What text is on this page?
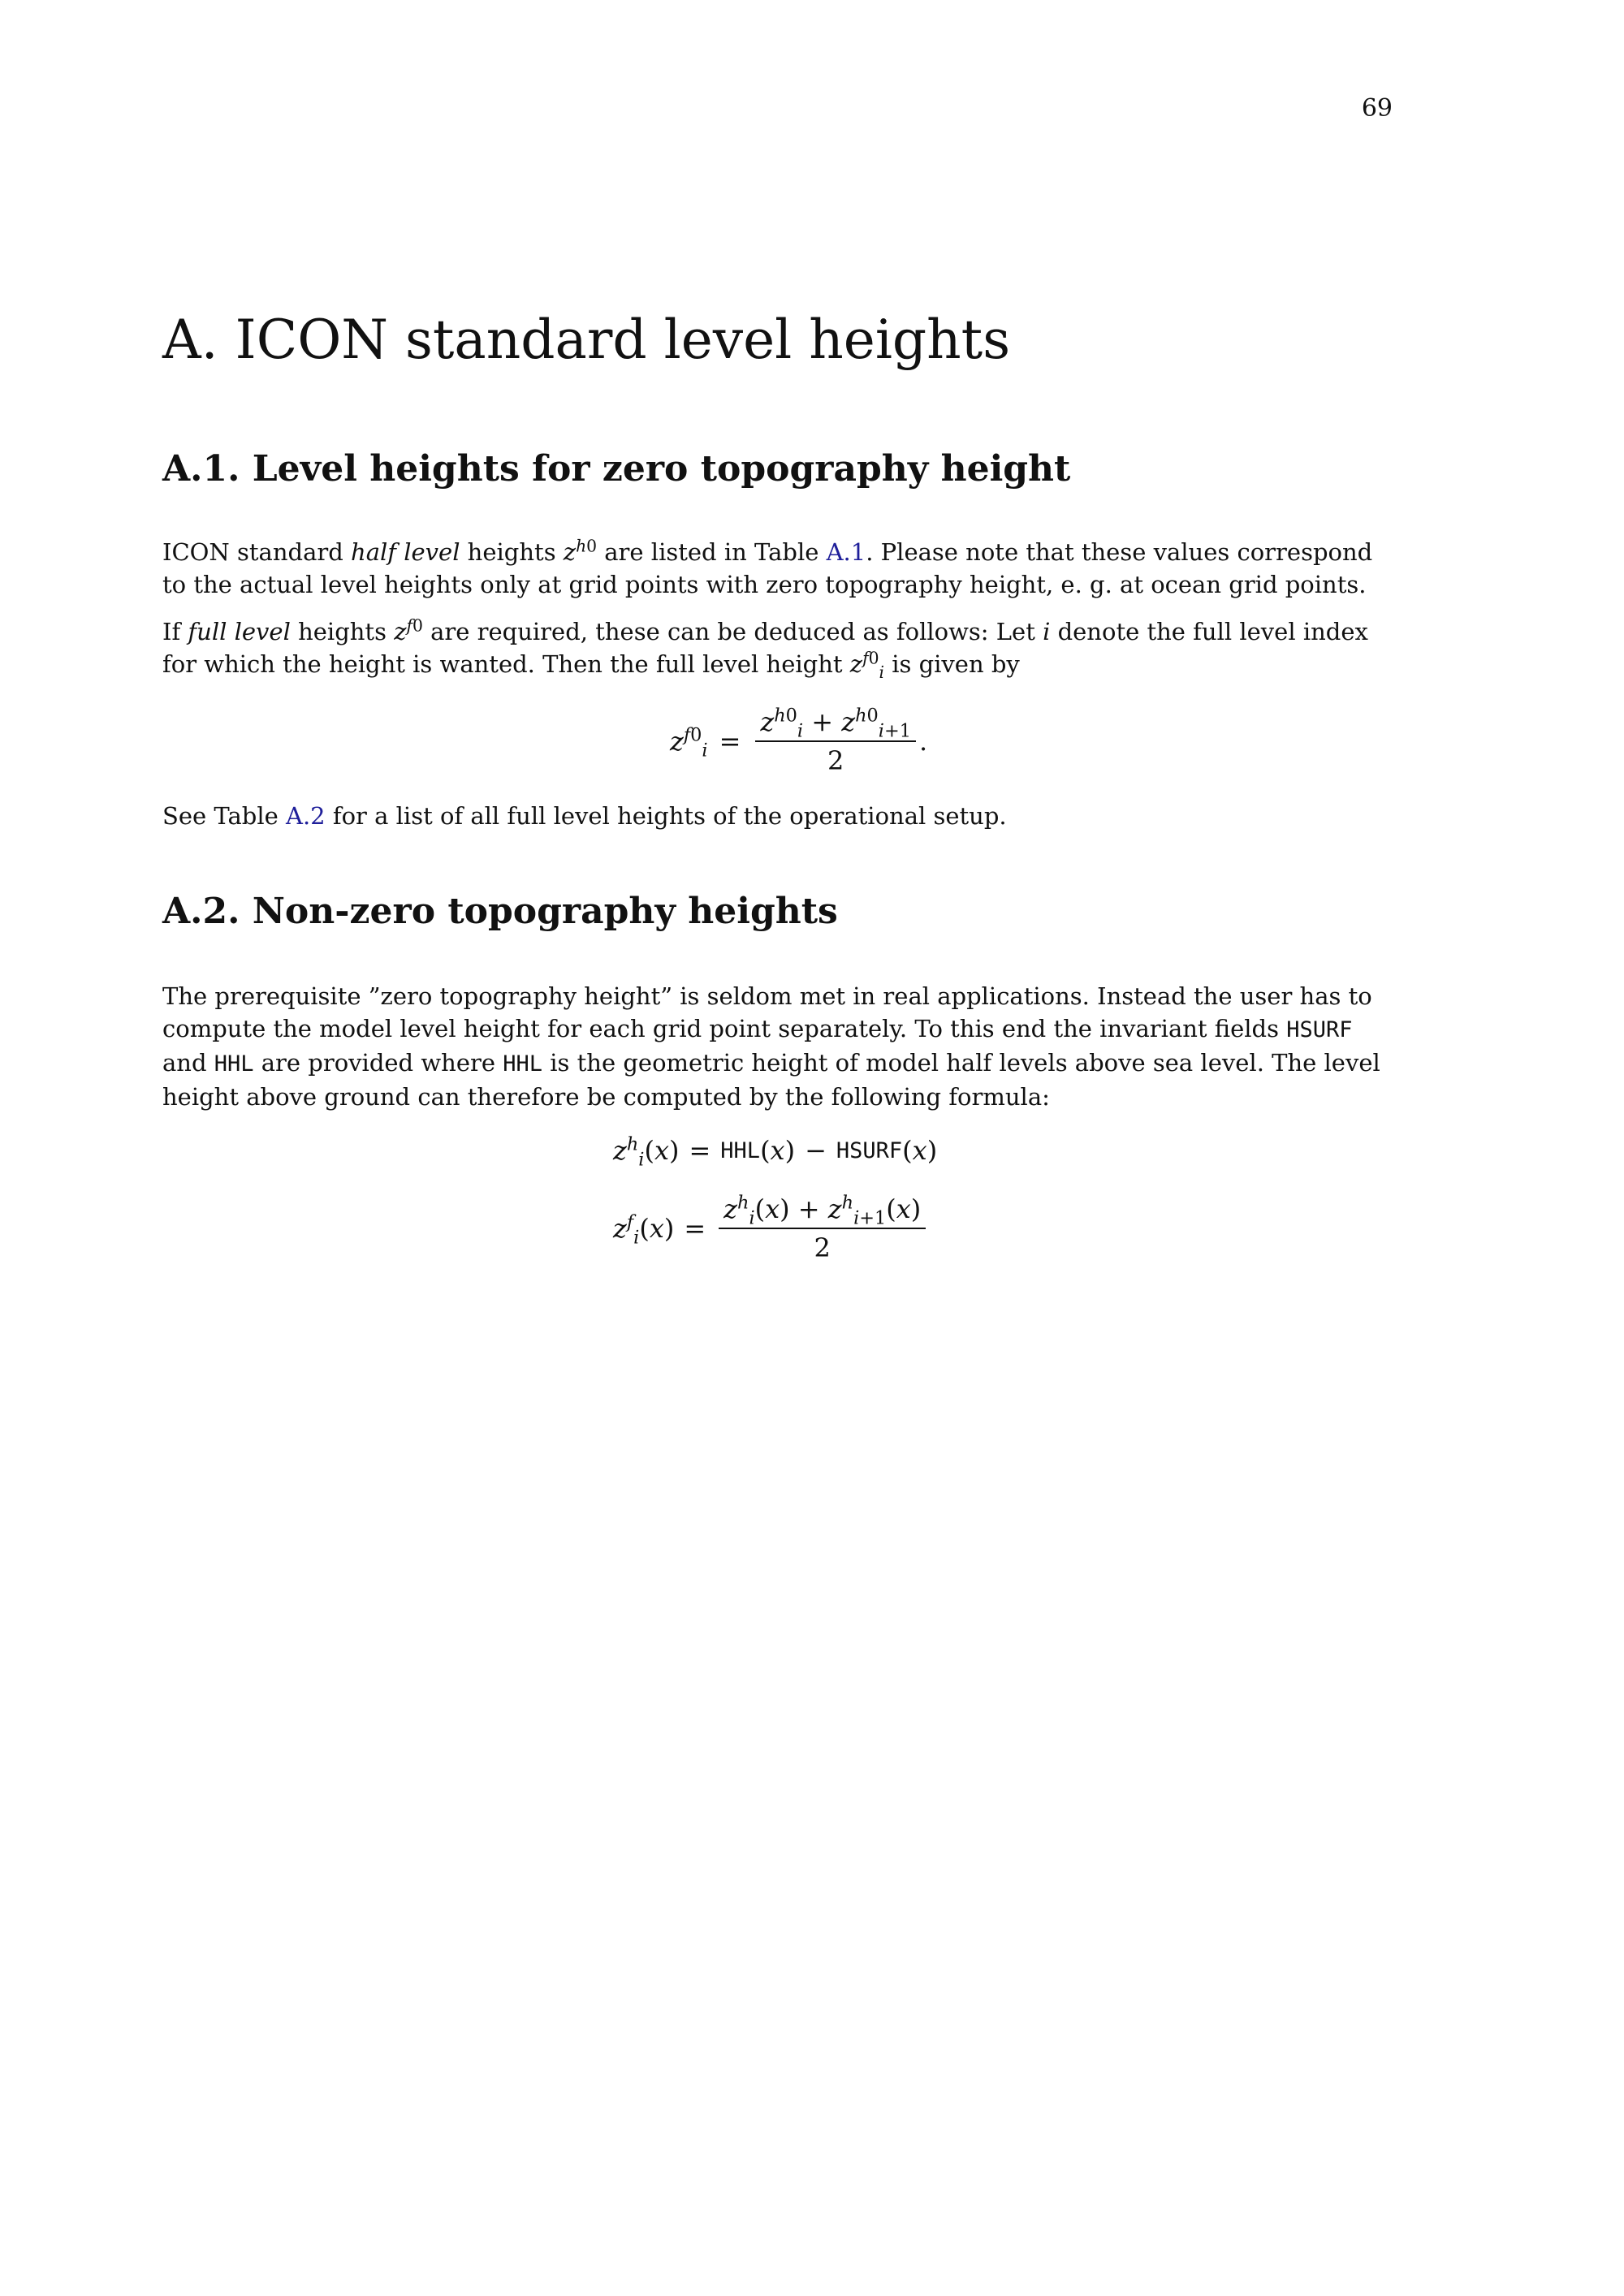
69
A. ICON standard level heights
A.1. Level heights for zero topography height

ICON standard half level heights $z^{h0}$ are listed in Table A.1. Please note that these values correspond to the actual level heights only at grid points with zero topography height, e. g. at ocean grid points.

If full level heights $z^{f0}$ are required, these can be deduced as follows: Let i denote the full level index for which the height is wanted. Then the full level height $z^{f0}_i$ is given by

$z^{f0}_i = \frac{z^{h0}_i + z^{h0}_{i+1}}{2}$ .

See Table A.2 for a list of all full level heights of the operational setup.

A.2. Non-zero topography heights

The prerequisite ”zero topography height” is seldom met in real applications. Instead the user has to compute the model level height for each grid point separately. To this end the invariant fields HSURF and HHL are provided where HHL is the geometric height of model half levels above sea level. The level height above ground can therefore be computed by the following formula:

$z^h_i(x)$ = HHL (x) − HSURF (x)
$z^f_i(x) = \frac{z^h_i(x) + z^h_{i+1}(x)}{2}$
